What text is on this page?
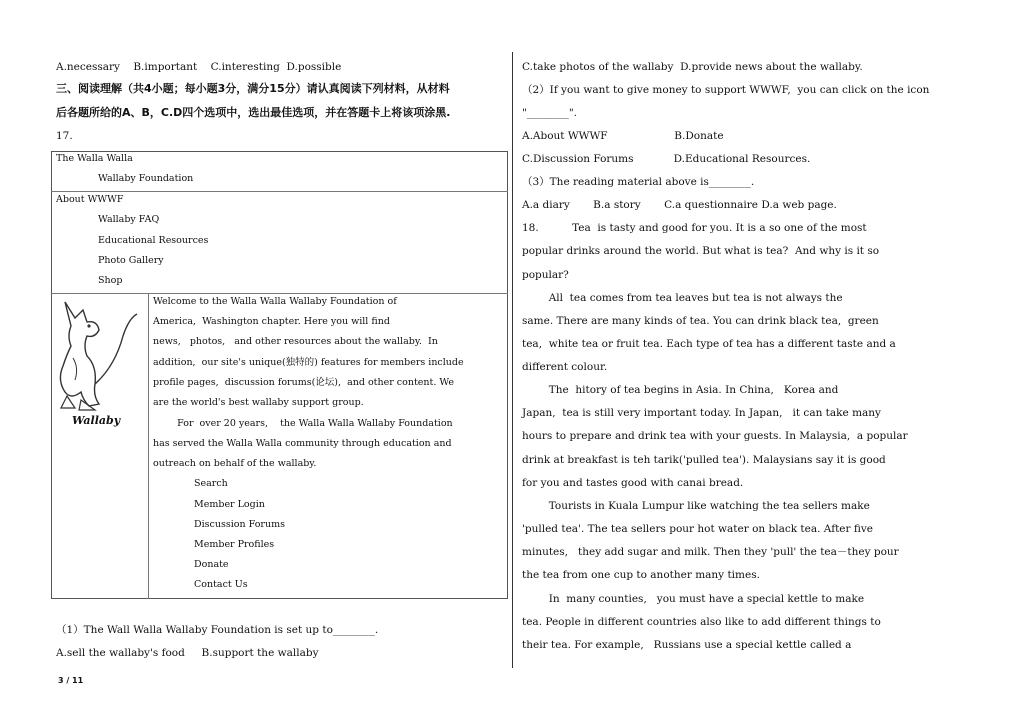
A.necessary    B.important    C.interesting  D.possible
三、阅读理解（共4小题；每小题3分，满分15分）请认真阅读下列材料，从材料
后各题所给的A、B，C.D四个选项中，选出最佳选项，并在答题卡上将该项涂黑.
17.
The Walla Walla
Wallaby Foundation
About WWWF
Wallaby FAQ
Educational Resources
Photo Gallery
Shop
Wallaby
Welcome to the Walla Walla Wallaby Foundation of
America,  Washington chapter. Here you will find
news,   photos,   and other resources about the wallaby.  In
addition,  our site's unique(独特的) features for members include
profile pages,  discussion forums(论坛),  and other content. We
are the world's best wallaby support group.
For  over 20 years,    the Walla Walla Wallaby Foundation
has served the Walla Walla community through education and
outreach on behalf of the wallaby.
Search
Member Login
Discussion Forums
Member Profiles
Donate
Contact Us
（1）The Wall Walla Wallaby Foundation is set up to________.
A.sell the wallaby's food     B.support the wallaby
3 / 11
C.take photos of the wallaby  D.provide news about the wallaby.
（2）If you want to give money to support WWWF,  you can click on the icon
"________".
A.About WWWF                    B.Donate
C.Discussion Forums            D.Educational Resources.
（3）The reading material above is________.
A.a diary       B.a story       C.a questionnaire D.a web page.
18.          Tea  is tasty and good for you. It is a so one of the most
popular drinks around the world. But what is tea?  And why is it so
popular?
All  tea comes from tea leaves but tea is not always the
same. There are many kinds of tea. You can drink black tea,  green
tea,  white tea or fruit tea. Each type of tea has a different taste and a
different colour.
The  hitory of tea begins in Asia. In China,   Korea and
Japan,  tea is still very important today. In Japan,   it can take many
hours to prepare and drink tea with your guests. In Malaysia,  a popular
drink at breakfast is teh tarik('pulled tea'). Malaysians say it is good
for you and tastes good with canai bread.
Tourists in Kuala Lumpur like watching the tea sellers make
'pulled tea'. The tea sellers pour hot water on black tea. After five
minutes,   they add sugar and milk. Then they 'pull' the tea－they pour
the tea from one cup to another many times.
In  many counties,   you must have a special kettle to make
tea. People in different countries also like to add different things to
their tea. For example,   Russians use a special kettle called a
